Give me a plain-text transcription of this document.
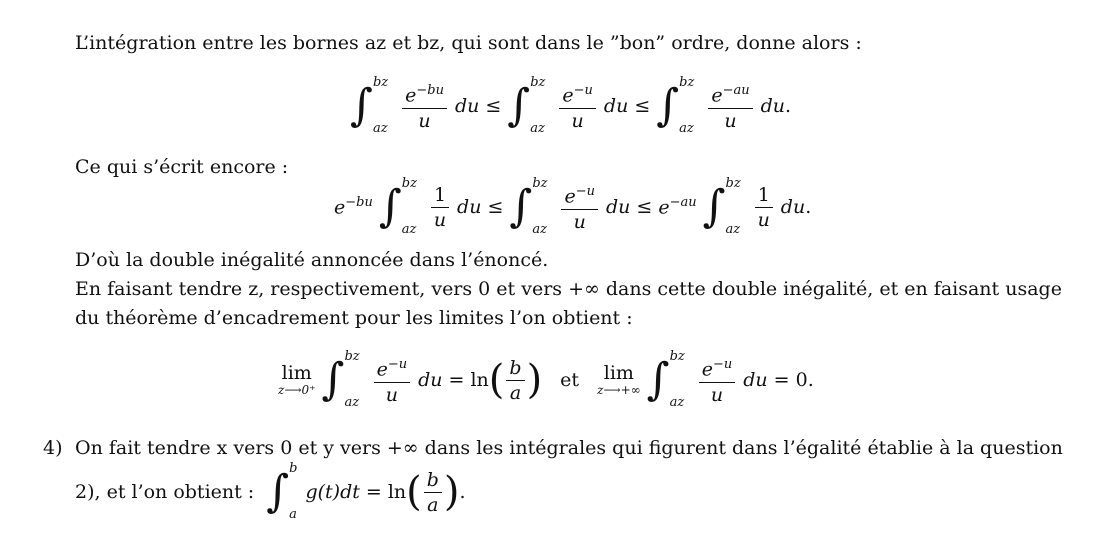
L’intégration entre les bornes az et bz, qui sont dans le ”bon” ordre, donne alors :
∫ bz
az $\frac{e^{-bu}}{u}$ du ≤ ∫ bz
az $\frac{e^{-u}}{u}$ du ≤ ∫ bz
az $\frac{e^{-au}}{u}$ du .
Ce qui s’écrit encore :
$e^{-bu}$ ∫ bz
az $\frac{1}{u}$ du ≤ ∫ bz
az $\frac{e^{-u}}{u}$ du ≤ $e^{-au}$ ∫ bz
az $\frac{1}{u}$ du .
D’où la double inégalité annoncée dans l’énoncé.
En faisant tendre z, respectivement, vers 0 et vers +∞ dans cette double inégalité, et en faisant usage
du théorème d’encadrement pour les limites l’on obtient :
lim
z⟶0⁺ ∫ bz
az $\frac{e^{-u}}{u}$ du = ln ( $\frac{b}{a}$ ) et lim
z⟶+∞ ∫ bz
az $\frac{e^{-u}}{u}$ du = 0 .
4) On fait tendre x vers 0 et y vers +∞ dans les intégrales qui figurent dans l’égalité établie à la question
2), et l’on obtient : ∫ b
a
g(t)dt = ln ( $\frac{b}{a}$ ) .
